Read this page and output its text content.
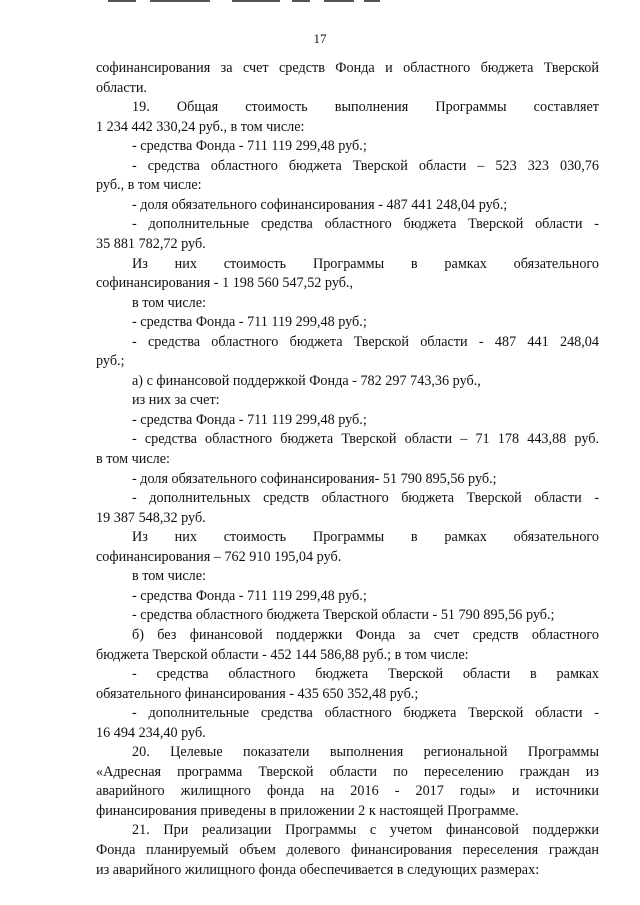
17
софинансирования за счет средств Фонда и областного бюджета Тверской
области.
19. Общая стоимость выполнения Программы составляет
1 234 442 330,24 руб., в том числе:
- средства Фонда - 711 119 299,48 руб.;
- средства областного бюджета Тверской области – 523 323 030,76
руб., в том числе:
- доля обязательного софинансирования - 487 441 248,04 руб.;
- дополнительные средства областного бюджета Тверской области -
35 881 782,72 руб.
Из них стоимость Программы в рамках обязательного
софинансирования - 1 198 560 547,52 руб.,
в том числе:
- средства Фонда - 711 119 299,48 руб.;
- средства областного бюджета Тверской области - 487 441 248,04
руб.;
а) с финансовой поддержкой Фонда - 782 297 743,36 руб.,
из них за счет:
- средства Фонда - 711 119 299,48 руб.;
- средства областного бюджета Тверской области – 71 178 443,88 руб.
в том числе:
- доля обязательного софинансирования- 51 790 895,56 руб.;
- дополнительных средств областного бюджета Тверской области -
19 387 548,32 руб.
Из них стоимость Программы в рамках обязательного
софинансирования – 762 910 195,04 руб.
в том числе:
- средства Фонда - 711 119 299,48 руб.;
- средства областного бюджета Тверской области - 51 790 895,56 руб.;
б) без финансовой поддержки Фонда за счет средств областного
бюджета Тверской области - 452 144 586,88 руб.; в том числе:
- средства областного бюджета Тверской области в рамках
обязательного финансирования - 435 650 352,48 руб.;
- дополнительные средства областного бюджета Тверской области -
16 494 234,40 руб.
20. Целевые показатели выполнения региональной Программы
«Адресная программа Тверской области по переселению граждан из
аварийного жилищного фонда на 2016 - 2017 годы» и источники
финансирования приведены в приложении 2 к настоящей Программе.
21. При реализации Программы с учетом финансовой поддержки
Фонда планируемый объем долевого финансирования переселения граждан
из аварийного жилищного фонда обеспечивается в следующих размерах:
